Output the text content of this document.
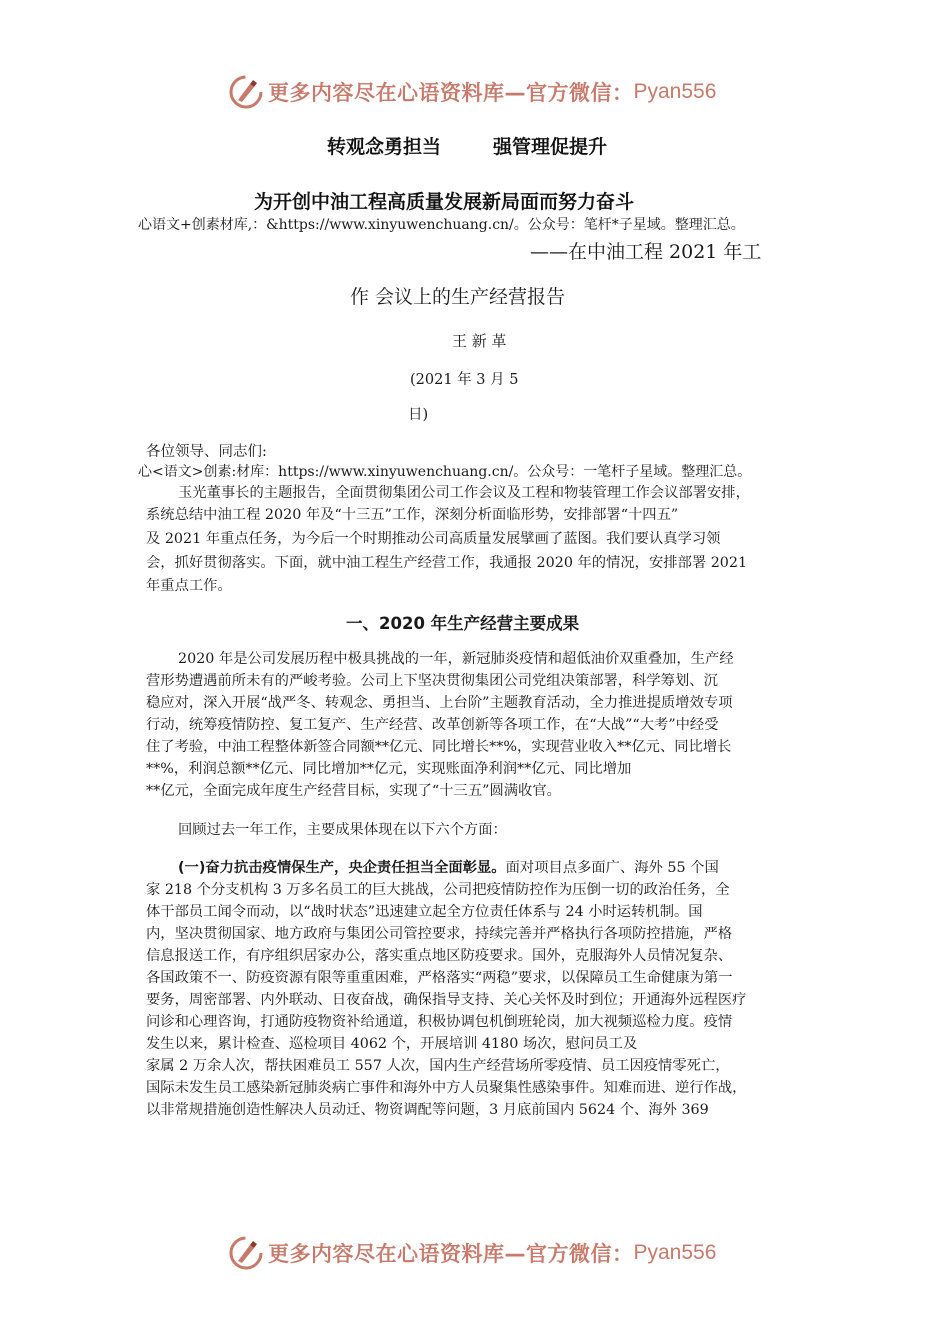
更多内容尽在心语资料库—官方微信： Pyan556
转观念勇担当	强管理促提升
为开创中油工程高质量发展新局面而努力奋斗
心语文+创素材库,：&https://www.xinyuwenchuang.cn/。公众号：笔杆*子星域。整理汇总。
——在中油工程 2021 年工
作 会议上的生产经营报告
王 新 革
(2021 年 3 月 5
日)
各位领导、同志们:
心<语文>创素:材库：https://www.xinyuwenchuang.cn/。公众号：一笔杆子星域。整理汇总。
玉光董事长的主题报告，全面贯彻集团公司工作会议及工程和物装管理工作会议部署安排，
系统总结中油工程 2020 年及“十三五”工作，深刻分析面临形势，安排部署“十四五”
及 2021 年重点任务，为今后一个时期推动公司高质量发展擘画了蓝图。我们要认真学习领
会，抓好贯彻落实。下面，就中油工程生产经营工作，我通报 2020 年的情况，安排部署 2021
年重点工作。
一、2020 年生产经营主要成果
2020 年是公司发展历程中极具挑战的一年，新冠肺炎疫情和超低油价双重叠加，生产经
营形势遭遇前所未有的严峻考验。公司上下坚决贯彻集团公司党组决策部署，科学筹划、沉
稳应对，深入开展“战严冬、转观念、勇担当、上台阶”主题教育活动，全力推进提质增效专项
行动，统筹疫情防控、复工复产、生产经营、改革创新等各项工作，在“大战”“大考”中经受
住了考验，中油工程整体新签合同额**亿元、同比增长**%，实现营业收入**亿元、同比增长
**%，利润总额**亿元、同比增加**亿元，实现账面净利润**亿元、同比增加
**亿元，全面完成年度生产经营目标，实现了“十三五”圆满收官。
回顾过去一年工作，主要成果体现在以下六个方面：
(一)奋力抗击疫情保生产，央企责任担当全面彰显。面对项目点多面广、海外 55 个国
家 218 个分支机构 3 万多名员工的巨大挑战，公司把疫情防控作为压倒一切的政治任务，全
体干部员工闻令而动，以“战时状态”迅速建立起全方位责任体系与 24 小时运转机制。国
内，坚决贯彻国家、地方政府与集团公司管控要求，持续完善并严格执行各项防控措施，严格
信息报送工作，有序组织居家办公，落实重点地区防疫要求。国外，克服海外人员情况复杂、
各国政策不一、防疫资源有限等重重困难，严格落实“两稳”要求，以保障员工生命健康为第一
要务，周密部署、内外联动、日夜奋战，确保指导支持、关心关怀及时到位；开通海外远程医疗
问诊和心理咨询，打通防疫物资补给通道，积极协调包机倒班轮岗，加大视频巡检力度。疫情
发生以来，累计检查、巡检项目 4062 个，开展培训 4180 场次，慰问员工及
家属 2 万余人次，帮扶困难员工 557 人次，国内生产经营场所零疫情、员工因疫情零死亡，
国际未发生员工感染新冠肺炎病亡事件和海外中方人员聚集性感染事件。知难而进、逆行作战，
以非常规措施创造性解决人员动迁、物资调配等问题，3 月底前国内 5624 个、海外 369
更多内容尽在心语资料库—官方微信： Pyan556
